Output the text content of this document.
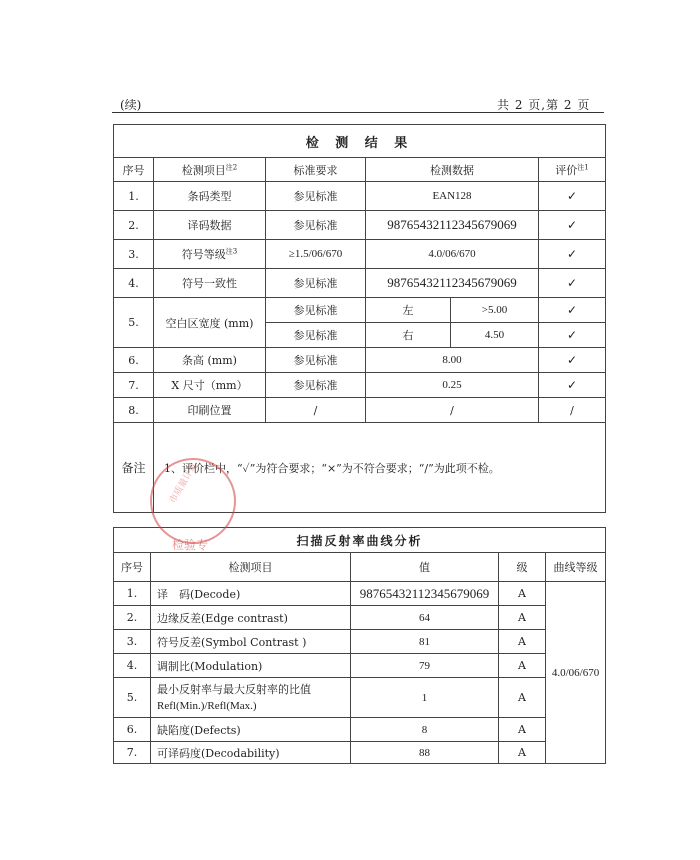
(续)	共 2 页,第 2 页
检 测 结 果					
序号	检测项目$^{注2}$	标准要求	检测数据		评价$^{注1}$
1.	条码类型	参见标准	EAN128		✓
2.	译码数据	参见标准	98765432112345679069		✓
3.	符号等级$^{注3}$	≥1.5/06/670	4.0/06/670		✓
4.	符号一致性	参见标准	98765432112345679069		✓
5.	空白区宽度 (mm)	参见标准	左	>5.00	✓
		参见标准	右	4.50	✓
6.	条高 (mm)	参见标准	8.00		✓
7.	X 尺寸（mm）	参见标准	0.25		✓
8.	印刷位置	/	/		/
备注	1、评价栏中，“✓”为符合要求；“×”为不符合要求；“/”为此项不检。				
扫描反射率曲线分析				
序号	检测项目	值	级	曲线等级
1.	译　码(Decode)	98765432112345679069	A	4.0/06/670
2.	边缘反差(Edge contrast)	64	A	
3.	符号反差(Symbol Contrast )	81	A	
4.	调制比(Modulation)	79	A	
5.	最小反射率与最大反射率的比值
Refl(Min.)/Refl(Max.)	1	A	
6.	缺陷度(Defects)	8	A	
7.	可译码度(Decodability)	88	A	
市质量计量
检验专
